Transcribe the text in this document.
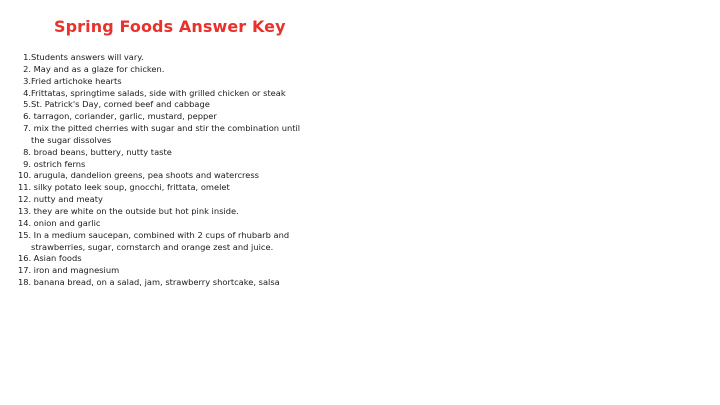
Spring Foods Answer Key
1. Students answers will vary.
2. May and as a glaze for chicken.
3. Fried artichoke hearts
4. Frittatas, springtime salads, side with grilled chicken or steak
5. St. Patrick's Day, corned beef and cabbage
6. tarragon, coriander, garlic, mustard, pepper
7. mix the pitted cherries with sugar and stir the combination until
the sugar dissolves
8. broad beans, buttery, nutty taste
9. ostrich ferns
10. arugula, dandelion greens, pea shoots and watercress
11. silky potato leek soup, gnocchi, frittata, omelet
12. nutty and meaty
13. they are white on the outside but hot pink inside.
14. onion and garlic
15. In a medium saucepan, combined with 2 cups of rhubarb and
strawberries, sugar, cornstarch and orange zest and juice.
16. Asian foods
17. iron and magnesium
18. banana bread, on a salad, jam, strawberry shortcake, salsa
